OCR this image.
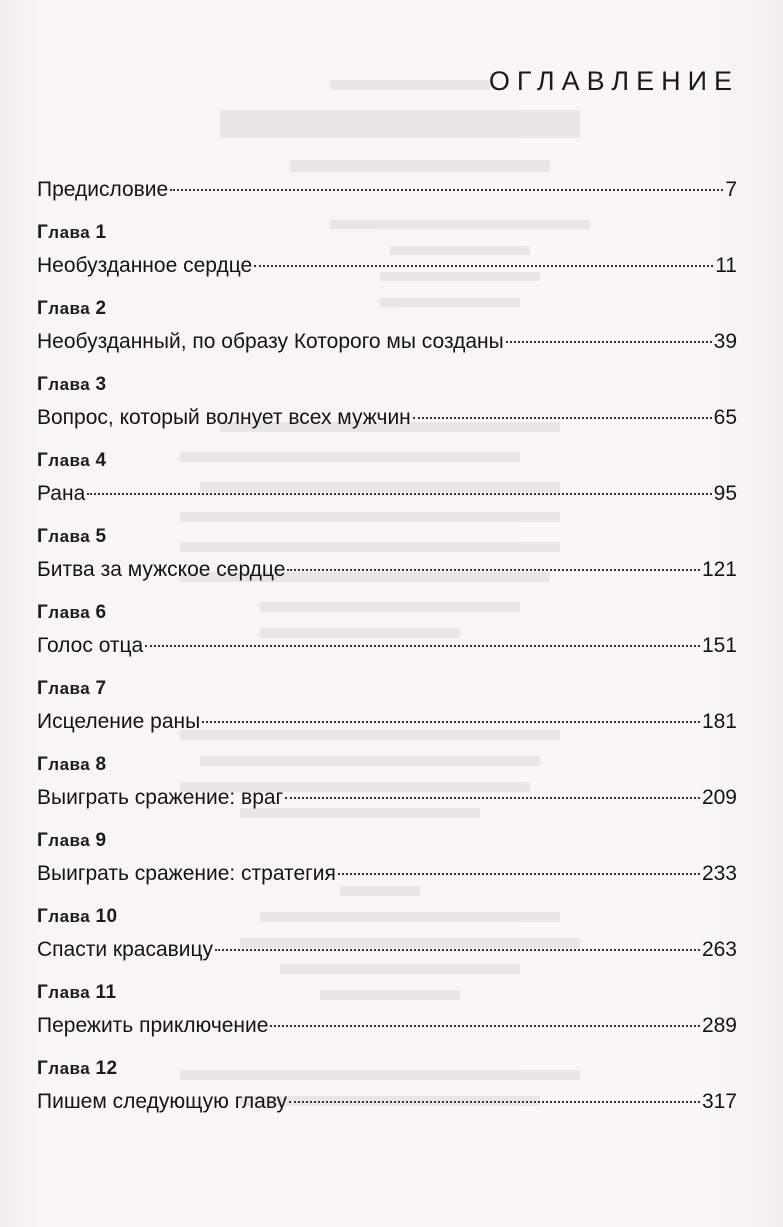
ОГЛАВЛЕНИЕ
Предисловие	7
Глава 1
Необузданное сердце	11
Глава 2
Необузданный, по образу Которого мы созданы	39
Глава 3
Вопрос, который волнует всех мужчин	65
Глава 4
Рана	95
Глава 5
Битва за мужское сердце	121
Глава 6
Голос отца	151
Глава 7
Исцеление раны	181
Глава 8
Выиграть сражение: враг	209
Глава 9
Выиграть сражение: стратегия	233
Глава 10
Спасти красавицу	263
Глава 11
Пережить приключение	289
Глава 12
Пишем следующую главу	317
